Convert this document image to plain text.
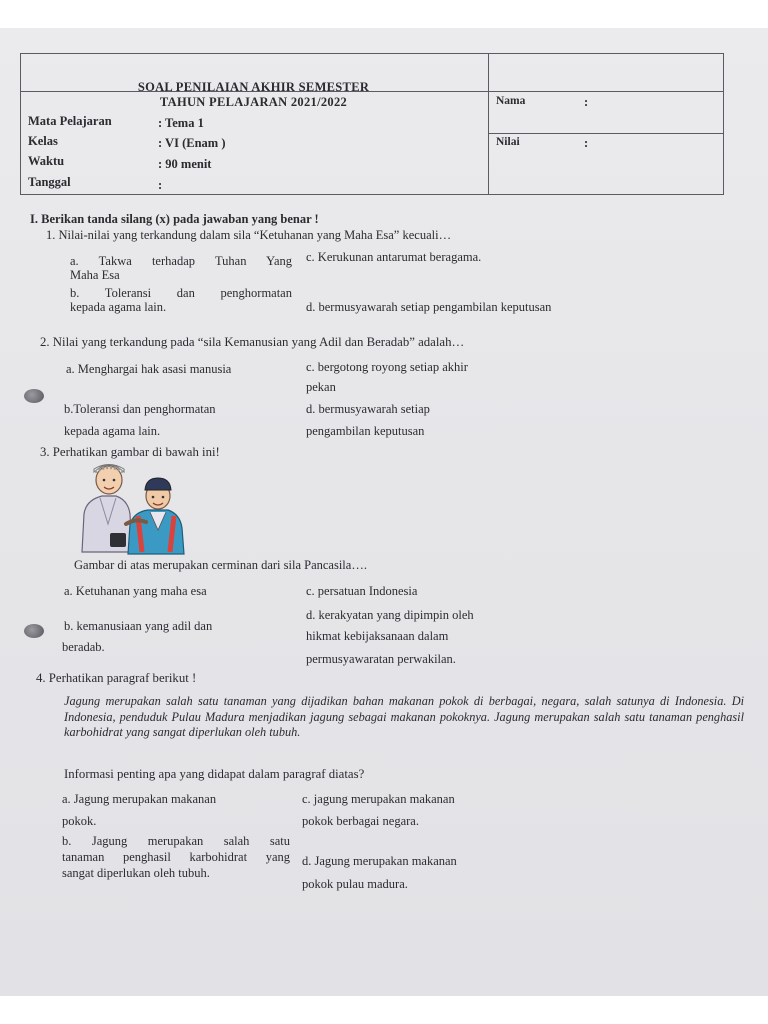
SOAL PENILAIAN AKHIR SEMESTER
TAHUN PELAJARAN 2021/2022
Mata Pelajaran	: Tema 1
Kelas	: VI (Enam )
Waktu	: 90 menit
Tanggal	:
Nama	:
Nilai	:
I. Berikan tanda silang (x) pada jawaban yang benar !
1. Nilai-nilai yang terkandung dalam sila “Ketuhanan yang Maha Esa” kecuali…
a. Takwa terhadap Tuhan Yang
Maha Esa
b. Toleransi dan penghormatan
kepada agama lain.
c. Kerukunan antarumat beragama.
d. bermusyawarah setiap pengambilan keputusan
2. Nilai yang terkandung pada “sila Kemanusian yang Adil dan Beradab” adalah…
a. Menghargai hak asasi manusia	c. bergotong royong setiap akhir
pekan
b.Toleransi dan penghormatan
kepada agama lain.
d. bermusyawarah setiap
pengambilan keputusan
3. Perhatikan gambar di bawah ini!
Gambar di atas merupakan cerminan dari sila Pancasila….
a. Ketuhanan yang maha esa	c. persatuan Indonesia
d. kerakyatan yang dipimpin oleh
b. kemanusiaan yang adil dan
hikmat kebijaksanaan dalam
beradab.
permusyawaratan perwakilan.
4. Perhatikan paragraf berikut !
Jagung merupakan salah satu tanaman yang dijadikan bahan makanan pokok di berbagai, negara, salah satunya di Indonesia. Di Indonesia, penduduk Pulau Madura menjadikan jagung sebagai makanan pokoknya. Jagung merupakan salah satu tanaman penghasil karbohidrat yang sangat diperlukan oleh tubuh.
Informasi penting apa yang didapat dalam paragraf diatas?
a. Jagung merupakan makanan
pokok.
c. jagung merupakan makanan
pokok berbagai negara.
b. Jagung merupakan salah satu
tanaman penghasil karbohidrat yang
sangat diperlukan oleh tubuh.
d. Jagung merupakan makanan
pokok pulau madura.
